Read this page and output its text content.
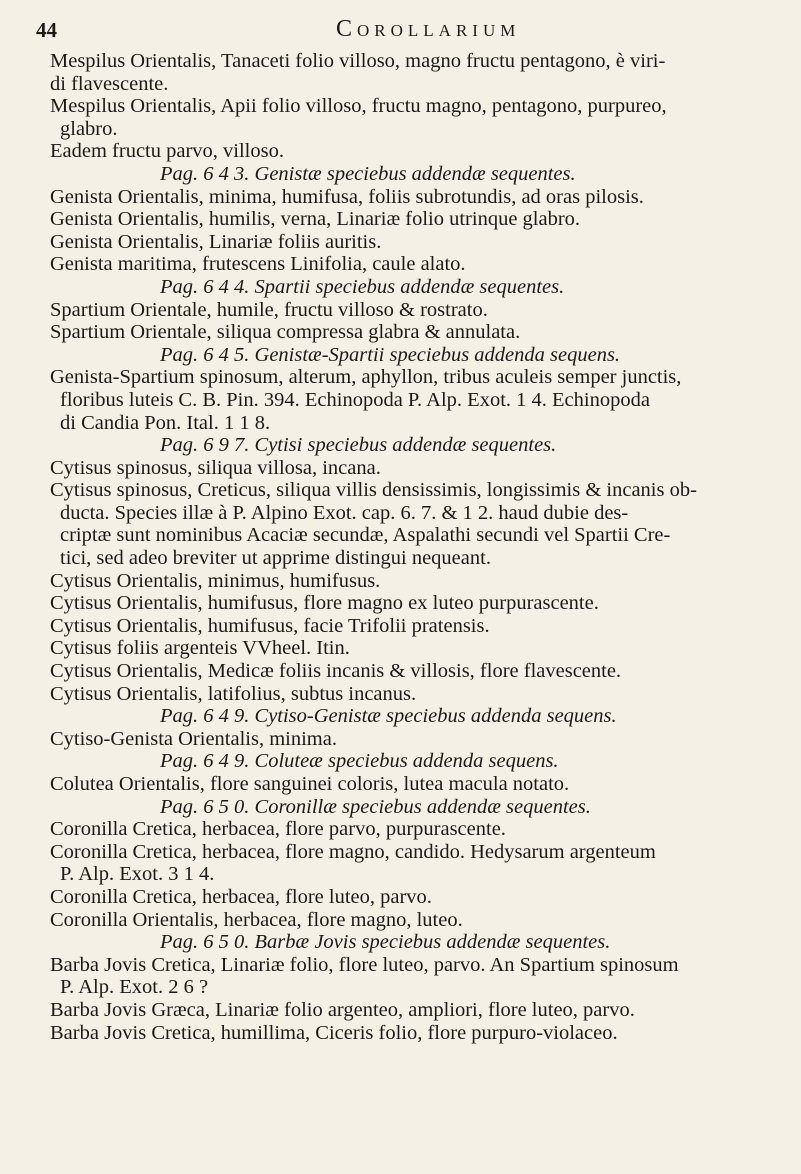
44	Corollarium
Mespilus Orientalis, Tanaceti folio villoso, magno fructu pentagono, è viri-
di flavescente.
Mespilus Orientalis, Apii folio villoso, fructu magno, pentagono, purpureo,
glabro.
Eadem fructu parvo, villoso.
Pag. 6 4 3. Genistæ speciebus addendæ sequentes.
Genista Orientalis, minima, humifusa, foliis subrotundis, ad oras pilosis.
Genista Orientalis, humilis, verna, Linariæ folio utrinque glabro.
Genista Orientalis, Linariæ foliis auritis.
Genista maritima, frutescens Linifolia, caule alato.
Pag. 6 4 4. Spartii speciebus addendæ sequentes.
Spartium Orientale, humile, fructu villoso & rostrato.
Spartium Orientale, siliqua compressa glabra & annulata.
Pag. 6 4 5. Genistæ-Spartii speciebus addenda sequens.
Genista-Spartium spinosum, alterum, aphyllon, tribus aculeis semper junctis,
floribus luteis C. B. Pin. 394. Echinopoda P. Alp. Exot. 1 4. Echinopoda
di Candia Pon. Ital. 1 1 8.
Pag. 6 9 7. Cytisi speciebus addendæ sequentes.
Cytisus spinosus, siliqua villosa, incana.
Cytisus spinosus, Creticus, siliqua villis densissimis, longissimis & incanis ob-
ducta. Species illæ à P. Alpino Exot. cap. 6. 7. & 1 2. haud dubie des-
criptæ sunt nominibus Acaciæ secundæ, Aspalathi secundi vel Spartii Cre-
tici, sed adeo breviter ut apprime distingui nequeant.
Cytisus Orientalis, minimus, humifusus.
Cytisus Orientalis, humifusus, flore magno ex luteo purpurascente.
Cytisus Orientalis, humifusus, facie Trifolii pratensis.
Cytisus foliis argenteis VVheel. Itin.
Cytisus Orientalis, Medicæ foliis incanis & villosis, flore flavescente.
Cytisus Orientalis, latifolius, subtus incanus.
Pag. 6 4 9. Cytiso-Genistæ speciebus addenda sequens.
Cytiso-Genista Orientalis, minima.
Pag. 6 4 9. Coluteæ speciebus addenda sequens.
Colutea Orientalis, flore sanguinei coloris, lutea macula notato.
Pag. 6 5 0. Coronillæ speciebus addendæ sequentes.
Coronilla Cretica, herbacea, flore parvo, purpurascente.
Coronilla Cretica, herbacea, flore magno, candido. Hedysarum argenteum
P. Alp. Exot. 3 1 4.
Coronilla Cretica, herbacea, flore luteo, parvo.
Coronilla Orientalis, herbacea, flore magno, luteo.
Pag. 6 5 0. Barbæ Jovis speciebus addendæ sequentes.
Barba Jovis Cretica, Linariæ folio, flore luteo, parvo. An Spartium spinosum
P. Alp. Exot. 2 6 ?
Barba Jovis Græca, Linariæ folio argenteo, ampliori, flore luteo, parvo.
Barba Jovis Cretica, humillima, Ciceris folio, flore purpuro-violaceo.
